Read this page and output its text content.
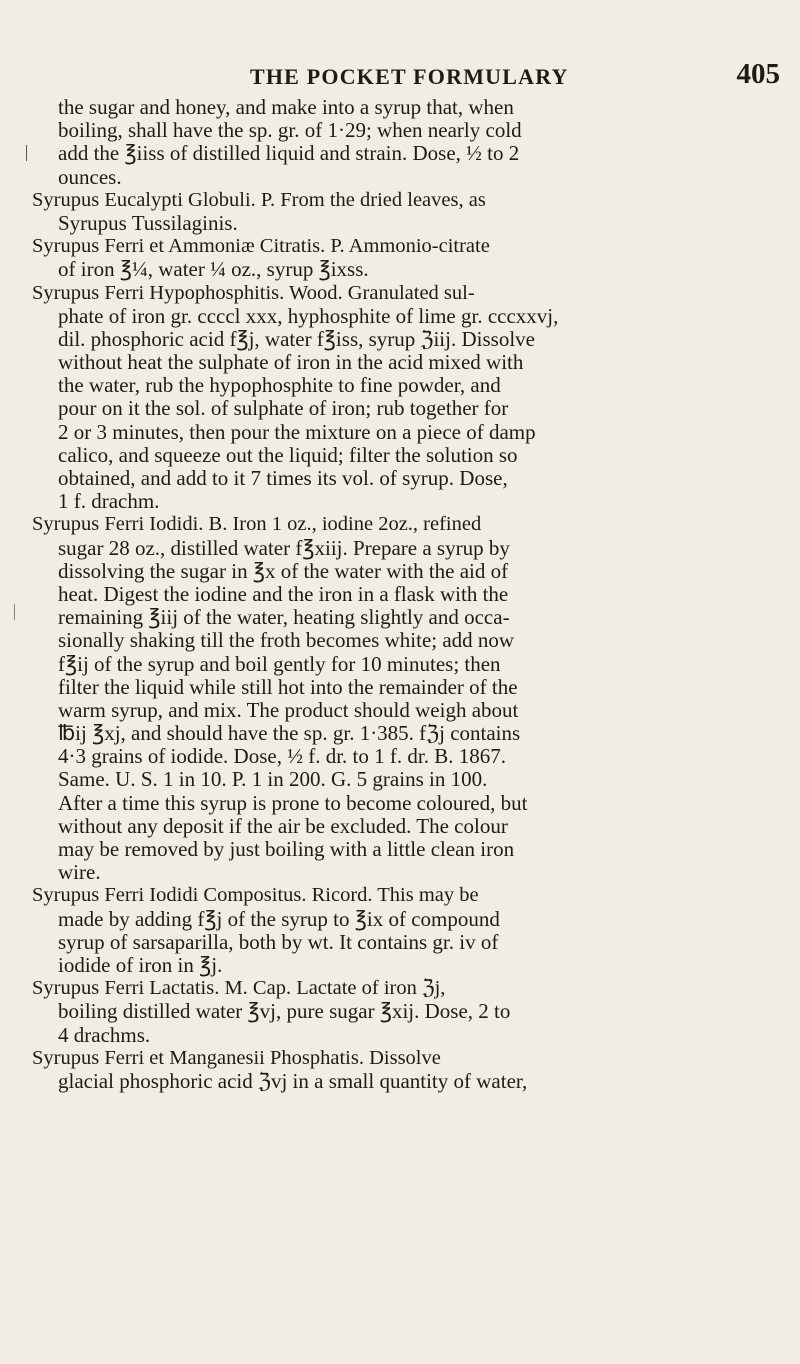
THE POCKET FORMULARY	405
the sugar and honey, and make into a syrup that, when
boiling, shall have the sp. gr. of 1·29; when nearly cold
add the ℥iiss of distilled liquid and strain. Dose, ½ to 2
ounces.
Syrupus Eucalypti Globuli. P. From the dried leaves, as
Syrupus Tussilaginis.
Syrupus Ferri et Ammoniæ Citratis. P. Ammonio-citrate
of iron ℥¼, water ¼ oz., syrup ℥ixss.
Syrupus Ferri Hypophosphitis. Wood. Granulated sul-
phate of iron gr. ccccl xxx, hyphosphite of lime gr. cccxxvj,
dil. phosphoric acid f℥j, water f℥iss, syrup ℨiij. Dissolve
without heat the sulphate of iron in the acid mixed with
the water, rub the hypophosphite to fine powder, and
pour on it the sol. of sulphate of iron; rub together for
2 or 3 minutes, then pour the mixture on a piece of damp
calico, and squeeze out the liquid; filter the solution so
obtained, and add to it 7 times its vol. of syrup. Dose,
1 f. drachm.
Syrupus Ferri Iodidi. B. Iron 1 oz., iodine 2oz., refined
sugar 28 oz., distilled water f℥xiij. Prepare a syrup by
dissolving the sugar in ℥x of the water with the aid of
heat. Digest the iodine and the iron in a flask with the
remaining ℥iij of the water, heating slightly and occa-
sionally shaking till the froth becomes white; add now
f℥ij of the syrup and boil gently for 10 minutes; then
filter the liquid while still hot into the remainder of the
warm syrup, and mix. The product should weigh about
℔ij ℥xj, and should have the sp. gr. 1·385. fℨj contains
4·3 grains of iodide. Dose, ½ f. dr. to 1 f. dr. B. 1867.
Same. U. S. 1 in 10. P. 1 in 200. G. 5 grains in 100.
After a time this syrup is prone to become coloured, but
without any deposit if the air be excluded. The colour
may be removed by just boiling with a little clean iron
wire.
Syrupus Ferri Iodidi Compositus. Ricord. This may be
made by adding f℥j of the syrup to ℥ix of compound
syrup of sarsaparilla, both by wt. It contains gr. iv of
iodide of iron in ℥j.
Syrupus Ferri Lactatis. M. Cap. Lactate of iron ℨj,
boiling distilled water ℥vj, pure sugar ℥xij. Dose, 2 to
4 drachms.
Syrupus Ferri et Manganesii Phosphatis. Dissolve
glacial phosphoric acid ℨvj in a small quantity of water,
